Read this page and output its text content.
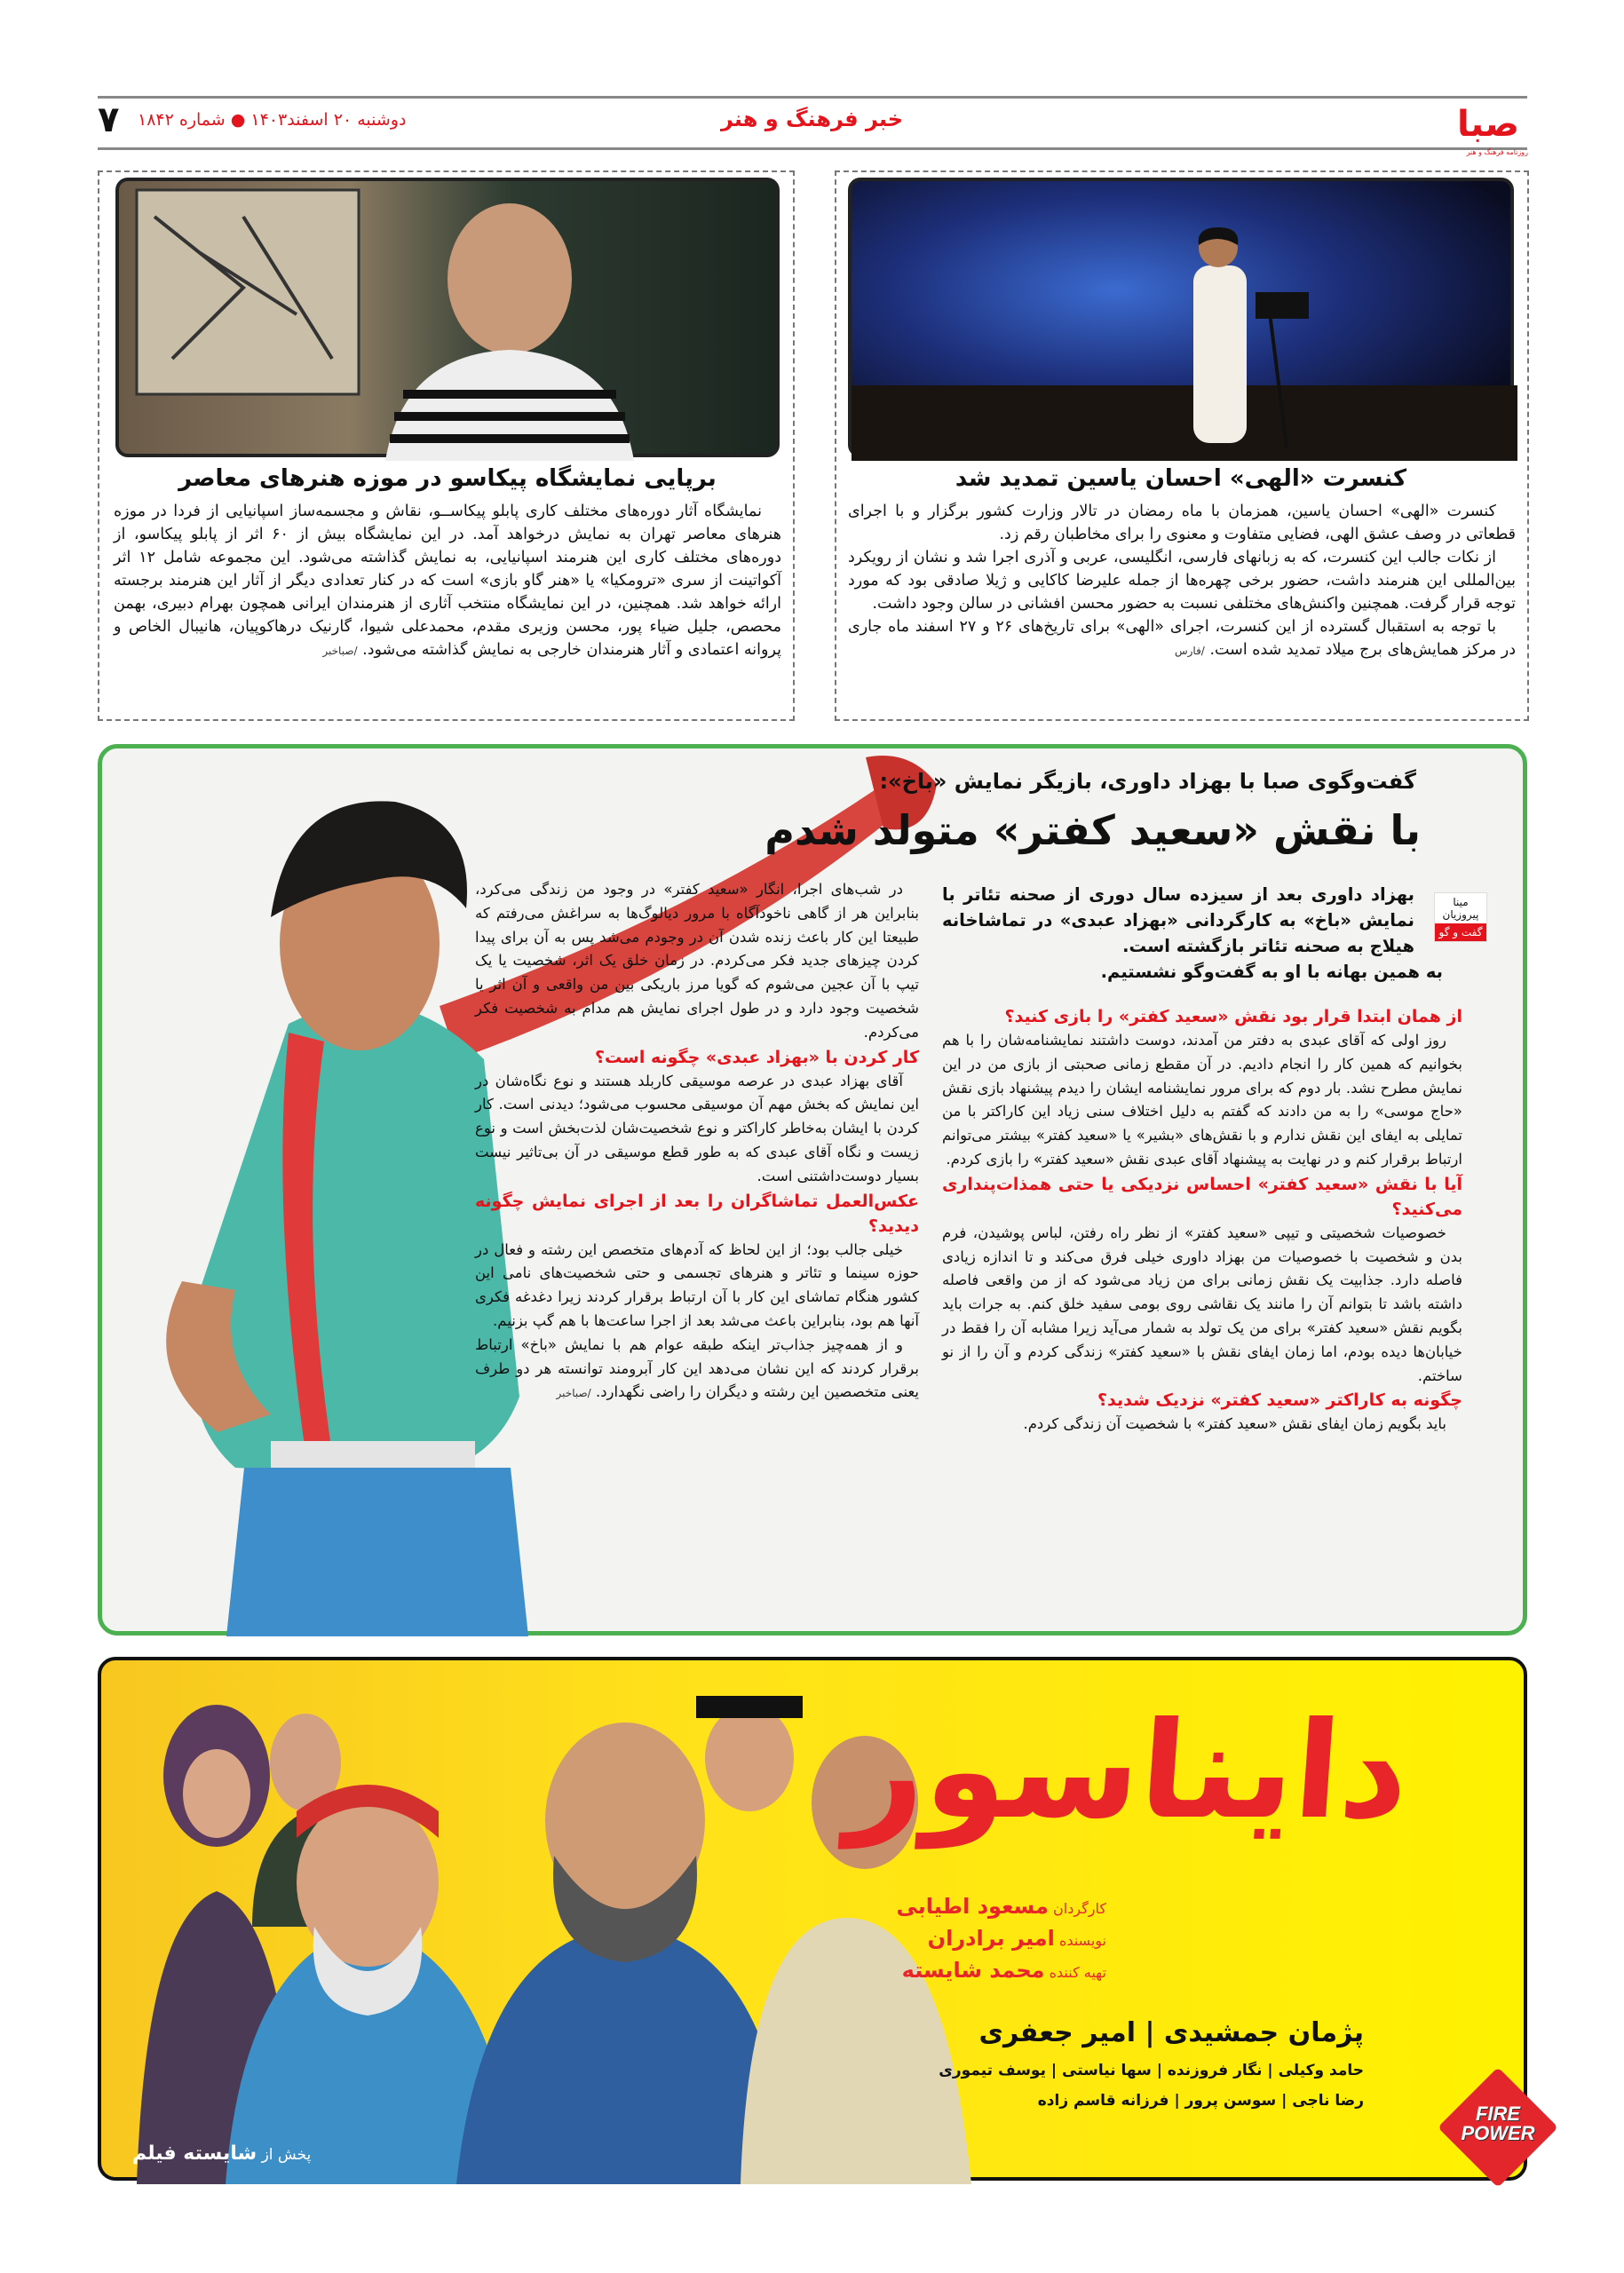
صبا
روزنامه فرهنگ و هنر
خبر فرهنگ و هنر
دوشنبه ۲۰ اسفند۱۴۰۳ ● شماره ۱۸۴۲
۷
کنسرت «الهی» احسان یاسین تمدید شد

کنسرت «الهی» احسان یاسین، همزمان با ماه رمضان در تالار وزارت کشور برگزار و با اجرای قطعاتی در وصف عشق الهی، فضایی متفاوت و معنوی را برای مخاطبان رقم زد.

از نکات جالب این کنسرت، که به زبانهای فارسی، انگلیسی، عربی و آذری اجرا شد و نشان از رویکرد بین‌المللی این هنرمند داشت، حضور برخی چهره‌ها از جمله علیرضا کاکایی و ژیلا صادقی بود که مورد توجه قرار گرفت. همچنین واکنش‌های مختلفی نسبت به حضور محسن افشانی در سالن وجود داشت.

با توجه به استقبال گسترده از این کنسرت، اجرای «الهی» برای تاریخ‌های ۲۶ و ۲۷ اسفند ماه جاری در مرکز همایش‌های برج میلاد تمدید شده است. /فارس

برپایی نمایشگاه پیکاسو در موزه هنرهای معاصر

نمایشگاه آثار دوره‌های مختلف کاری پابلو پیکاســو، نقاش و مجسمه‌ساز اسپانیایی از فردا در موزه هنرهای معاصر تهران به نمایش درخواهد آمد. در این نمایشگاه بیش از ۶۰ اثر از پابلو پیکاسو، از دوره‌های مختلف کاری این هنرمند اسپانیایی، به نمایش گذاشته می‌شود. این مجموعه شامل ۱۲ اثر آکواتینت از سری «ترومکیا» یا «هنر گاو بازی» است که در کنار تعدادی دیگر از آثار این هنرمند برجسته ارائه خواهد شد. همچنین، در این نمایشگاه منتخب آثاری از هنرمندان ایرانی همچون بهرام دبیری، بهمن محصص، جلیل ضیاء پور، محسن وزیری مقدم، محمدعلی شیوا، گارنیک درهاکوپیان، هانیبال الخاص و پروانه اعتمادی و آثار هنرمندان خارجی به نمایش گذاشته می‌شود. /صباخبر

گفت‌وگوی صبا با بهزاد داوری، بازیگر نمایش «باخ»:
با نقش «سعید کفتر» متولد شدم
مینا پیروزیان
گفت و گو
بهزاد داوری بعد از سیزده سال دوری از صحنه تئاتر با نمایش «باخ» به کارگردانی «بهزاد عبدی» در تماشاخانه هیلاج به صحنه تئاتر بازگشته است.
به همین بهانه با او به گفت‌وگو نشستیم.

از همان ابتدا قرار بود نقش «سعید کفتر» را بازی کنید؟

روز اولی که آقای عبدی به دفتر من آمدند، دوست داشتند نمایشنامه‌شان را با هم بخوانیم که همین کار را انجام دادیم. در آن مقطع زمانی صحبتی از بازی من در این نمایش مطرح نشد. بار دوم که برای مرور نمایشنامه ایشان را دیدم پیشنهاد بازی نقش «حاج موسی» را به من دادند که گفتم به دلیل اختلاف سنی زیاد این کاراکتر با من تمایلی به ایفای این نقش ندارم و با نقش‌های «بشیر» یا «سعید کفتر» بیشتر می‌توانم ارتباط برقرار کنم و در نهایت به پیشنهاد آقای عبدی نقش «سعید کفتر» را بازی کردم.

آیا با نقش «سعید کفتر» احساس نزدیکی یا حتی همذات‌پنداری می‌کنید؟

خصوصیات شخصیتی و تیپی «سعید کفتر» از نظر راه رفتن، لباس پوشیدن، فرم بدن و شخصیت با خصوصیات من بهزاد داوری خیلی فرق می‌کند و تا اندازه زیادی فاصله دارد. جذابیت یک نقش زمانی برای من زیاد می‌شود که از من واقعی فاصله داشته باشد تا بتوانم آن را مانند یک نقاشی روی بومی سفید خلق کنم. به جرات باید بگویم نقش «سعید کفتر» برای من یک تولد به شمار می‌آید زیرا مشابه آن را فقط در خیابان‌ها دیده بودم، اما زمان ایفای نقش با «سعید کفتر» زندگی کردم و آن را از نو ساختم.

چگونه به کاراکتر «سعید کفتر» نزدیک شدید؟

باید بگویم زمان ایفای نقش «سعید کفتر» با شخصیت آن زندگی کردم.

در شب‌های اجرا، انگار «سعید کفتر» در وجود من زندگی می‌کرد، بنابراین هر از گاهی ناخودآگاه با مرور دیالوگ‌ها به سراغش می‌رفتم که طبیعتا این کار باعث زنده شدن آن در وجودم می‌شد پس به آن برای پیدا کردن چیزهای جدید فکر می‌کردم. در زمان خلق یک اثر، شخصیت یا یک تیپ با آن عجین می‌شوم که گویا مرز باریکی بین من واقعی و آن اثر یا شخصیت وجود دارد و در طول اجرای نمایش هم مدام به شخصیت فکر می‌کردم.

کار کردن با «بهزاد عبدی» چگونه است؟

آقای بهزاد عبدی در عرصه موسیقی کاربلد هستند و نوع نگاه‌شان در این نمایش که بخش مهم آن موسیقی محسوب می‌شود؛ دیدنی است. کار کردن با ایشان به‌خاطر کاراکتر و نوع شخصیت‌شان لذت‌بخش است و نوع زیست و نگاه آقای عبدی که به طور قطع موسیقی در آن بی‌تاثیر نیست بسیار دوست‌داشتنی است.

عکس‌العمل تماشاگران را بعد از اجرای نمایش چگونه دیدید؟

خیلی جالب بود؛ از این لحاظ که آدم‌های متخصص این رشته و فعال در حوزه سینما و تئاتر و هنرهای تجسمی و حتی شخصیت‌های نامی این کشور هنگام تماشای این کار با آن ارتباط برقرار کردند زیرا دغدغه فکری آنها هم بود، بنابراین باعث می‌شد بعد از اجرا ساعت‌ها با هم گپ بزنیم.

و از همه‌چیز جذاب‌تر اینکه طبقه عوام هم با نمایش «باخ» ارتباط برقرار کردند که این نشان می‌دهد این کار آبرومند توانسته هر دو طرف یعنی متخصصین این رشته و دیگران را راضی نگهدارد. /صباخبر

دایناسور
کارگردان مسعود اطیابی
نویسنده امیر برادران
تهیه کننده محمد شایسته
پژمان جمشیدی | امیر جعفری
حامد وکیلی | نگار فروزنده | سها نیاستی | یوسف تیموری
رضا ناجی | سوسن پرور | فرزانه قاسم زاده
پخش از شایسته فیلم
FIRE POWER
